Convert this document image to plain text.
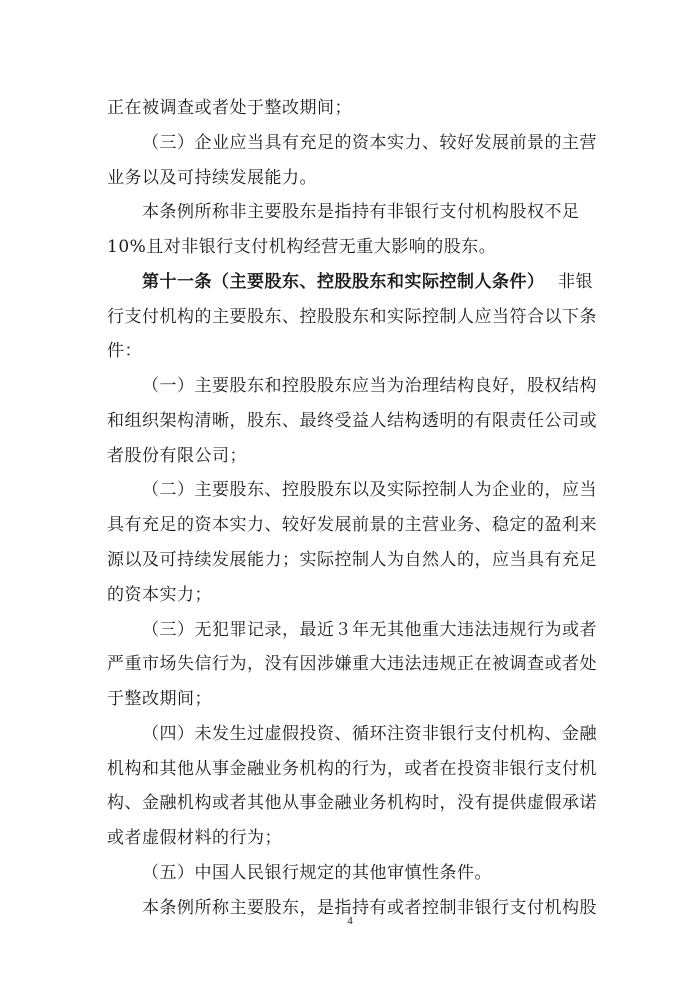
正在被调查或者处于整改期间；
（三）企业应当具有充足的资本实力、较好发展前景的主营
业务以及可持续发展能力。
本条例所称非主要股东是指持有非银行支付机构股权不足
10%且对非银行支付机构经营无重大影响的股东。
第十一条（主要股东、控股股东和实际控制人条件） 非银
行支付机构的主要股东、控股股东和实际控制人应当符合以下条
件：
（一）主要股东和控股股东应当为治理结构良好，股权结构
和组织架构清晰，股东、最终受益人结构透明的有限责任公司或
者股份有限公司；
（二）主要股东、控股股东以及实际控制人为企业的，应当
具有充足的资本实力、较好发展前景的主营业务、稳定的盈利来
源以及可持续发展能力；实际控制人为自然人的，应当具有充足
的资本实力；
（三）无犯罪记录，最近３年无其他重大违法违规行为或者
严重市场失信行为，没有因涉嫌重大违法违规正在被调查或者处
于整改期间；
（四）未发生过虚假投资、循环注资非银行支付机构、金融
机构和其他从事金融业务机构的行为，或者在投资非银行支付机
构、金融机构或者其他从事金融业务机构时，没有提供虚假承诺
或者虚假材料的行为；
（五）中国人民银行规定的其他审慎性条件。
本条例所称主要股东，是指持有或者控制非银行支付机构股
4
